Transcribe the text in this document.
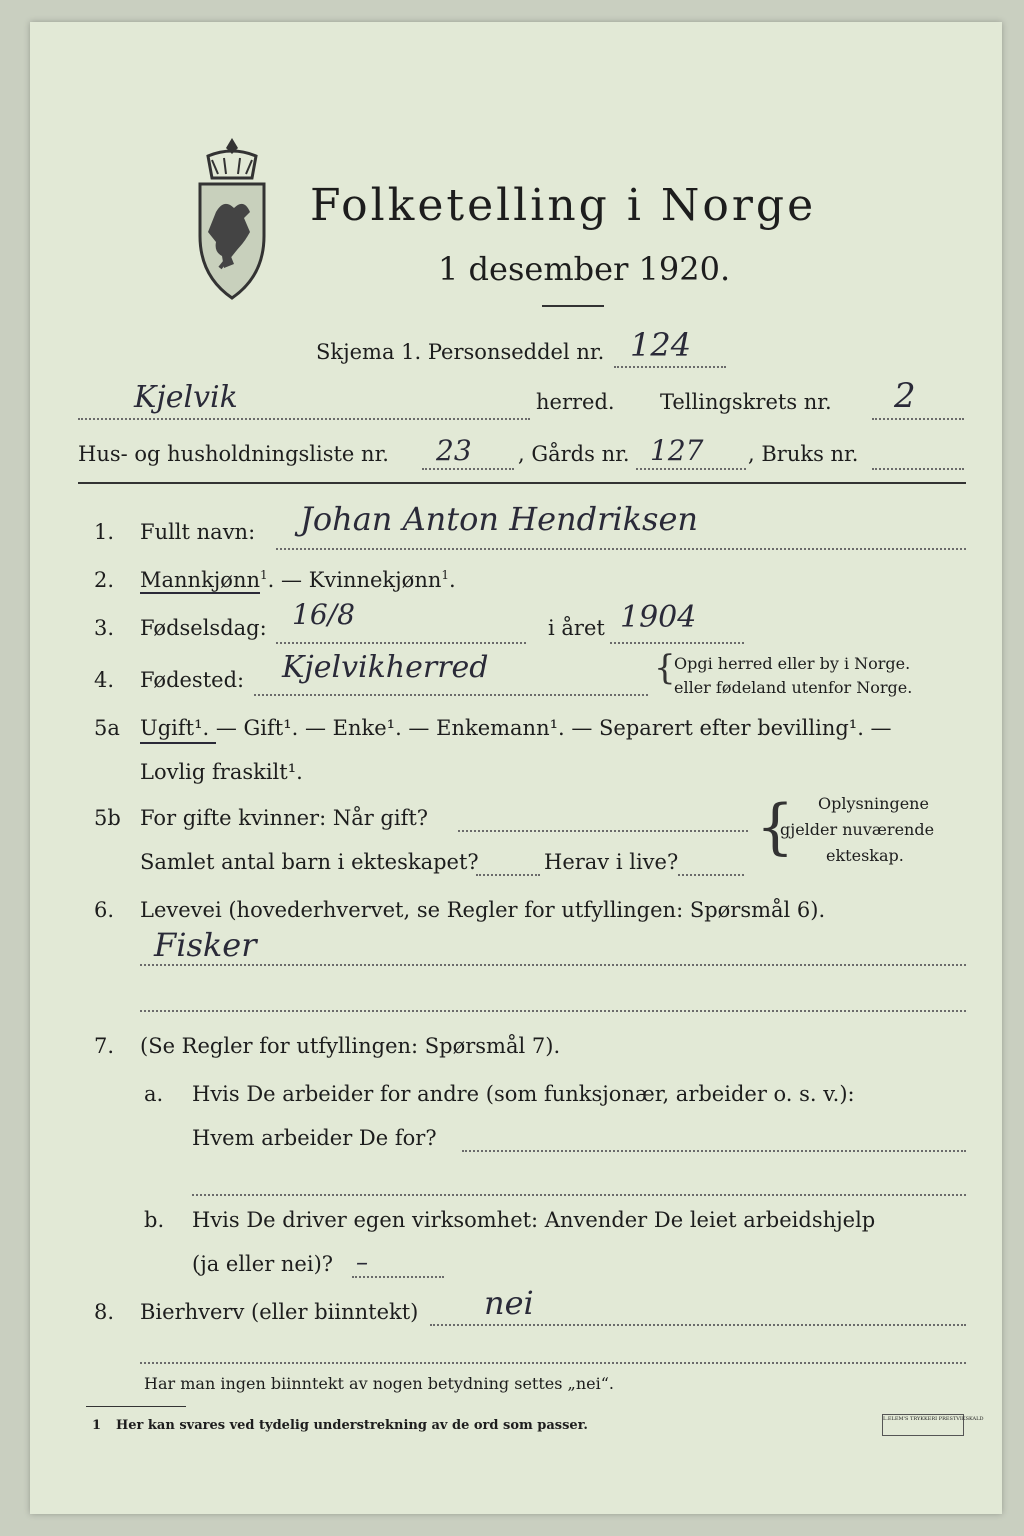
Folketelling i Norge
1 desember 1920.
Skjema 1. Personseddel nr. 124
Kjelvik	herred. Tellingskrets nr. 2
Hus- og husholdningsliste nr. 23 , Gårds nr. 127 , Bruks nr.
1. Fullt navn: Johan Anton Hendriksen
2. Mannkjønn$^1$. — Kvinnekjønn$^1$.
3. Fødselsdag: 16/8	i året 1904
4. Fødested: Kjelvikherred	{
Opgi herred eller by i Norge.
eller fødeland utenfor Norge.
5a Ugift¹. — Gift¹. — Enke¹. — Enkemann¹. — Separert efter bevilling¹. —
Lovlig fraskilt¹.
5b For gifte kvinner: Når gift?
Samlet antal barn i ekteskapet?	Herav i live? { Oplysningene
gjelder nuværende
ekteskap.
6. Levevei (hovederhvervet, se Regler for utfyllingen: Spørsmål 6).
Fisker
7. (Se Regler for utfyllingen: Spørsmål 7).
a. Hvis De arbeider for andre (som funksjonær, arbeider o. s. v.):
Hvem arbeider De for?
b. Hvis De driver egen virksomhet: Anvender De leiet arbeidshjelp
(ja eller nei)? –
8. Bierhverv (eller biinntekt) nei
Har man ingen biinntekt av nogen betydning settes „nei“.
1 Her kan svares ved tydelig understrekning av de ord som passer.	L.ELEM'S TRYKKERI PRESTVIKSKALD
